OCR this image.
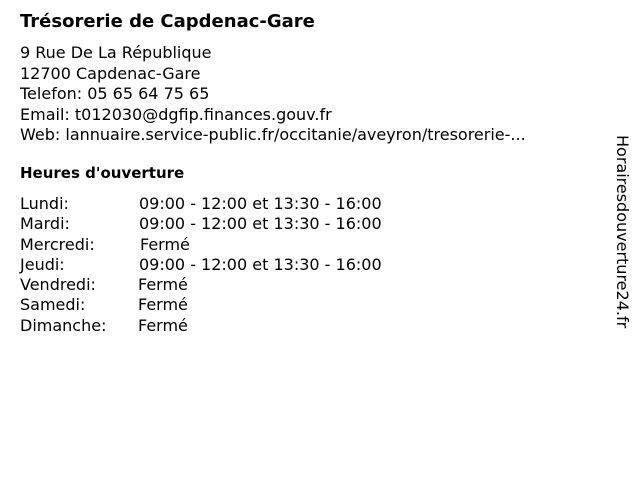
Trésorerie de Capdenac-Gare
9 Rue De La République
12700 Capdenac-Gare
Telefon: 05 65 64 75 65
Email: t012030@dgfip.finances.gouv.fr
Web: lannuaire.service-public.fr/occitanie/aveyron/tresorerie-...
Heures d'ouverture
Lundi:	09:00 - 12:00 et 13:30 - 16:00
Mardi:	09:00 - 12:00 et 13:30 - 16:00
Mercredi:	Fermé
Jeudi:	09:00 - 12:00 et 13:30 - 16:00
Vendredi:	Fermé
Samedi:	Fermé
Dimanche: Fermé	Horairesdouverture24.fr
